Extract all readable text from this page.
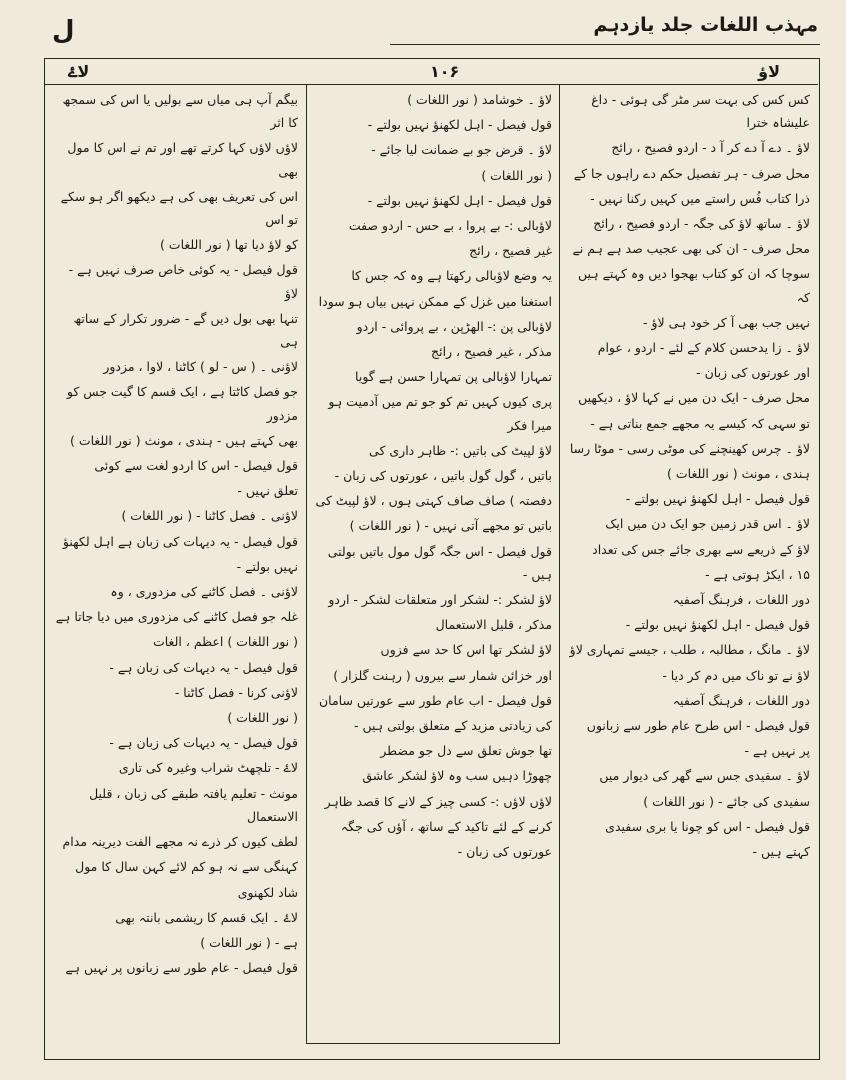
مہذب اللغات جلد یازدہم
ل
لاؤ
۱۰۶
لاۓ

کس کس کی بہت سر مٹر گی ہوئی - داغ علیشاہ خترا

لاؤ ۔ دے آ دے کر آ د - اردو فصیح ، رائج

محل صرف - ہر تفصیل حکم دے راہوں جا کے

ذرا کتاب فُس راستے میں کہیں رکنا نہیں -

لاؤ ۔ ساتھ لاؤ کی جگہ - اردو فصیح ، رائج

محل صرف - ان کی بھی عجیب صد ہے ہم نے

سوچا کہ ان کو کتاب بھجوا دیں وہ کہتے ہیں کہ

نہیں جب بھی آ کر خود ہی لاؤ -

لاؤ ۔ زا یدحسن کلام کے لئے - اردو ، عوام

اور عورتوں کی زبان -

محل صرف - ایک دن میں نے کہا لاؤ ، دیکھیں

تو سہی کہ کیسے یہ مجھے جمع بناتی ہے -

لاؤ ۔ چرس کھینچنے کی موٹی رسی - موٹا رسا

ہندی ، مونث ( نور اللغات )

قول فیصل - اہل لکھنؤ نہیں بولتے -

لاؤ ۔ اس قدر زمین جو ایک دن میں ایک

لاؤ کے ذریعے سے بھری جائے جس کی تعداد

۱۵ ، ایکڑ ہوتی ہے -

دور اللغات ، فرہنگ آصفیہ

قول فیصل - اہل لکھنؤ نہیں بولتے -

لاؤ ۔ مانگ ، مطالبہ ، طلب ، جیسے تمہاری لاؤ

لاؤ نے تو ناک میں دم کر دیا -

دور اللغات ، فرہنگ آصفیہ

قول فیصل - اس طرح عام طور سے زبانوں

پر نہیں ہے -

لاؤ ۔ سفیدی جس سے گھر کی دیوار میں

سفیدی کی جائے - ( نور اللغات )

قول فیصل - اس کو چونا یا بری سفیدی

کہتے ہیں -

لاؤ ۔ خوشامد ( نور اللغات )

قول فیصل - اہل لکھنؤ نہیں بولتے -

لاؤ ۔ قرض جو بے ضمانت لیا جائے -

( نور اللغات )

قول فیصل - اہل لکھنؤ نہیں بولتے -

لاؤبالی :- بے پروا ، بے حس - اردو صفت

غیر فصیح ، رائج

یہ وضع لاؤبالی رکھتا ہے وہ کہ جس کا

استغنا میں غزل کے ممکن نہیں بیاں ہو سودا

لاؤبالی پن :- الھڑپن ، بے پروائی - اردو

مذکر ، غیر فصیح ، رائج

تمہارا لاؤبالی پن تمہارا حسن ہے گویا

پری کیوں کہیں تم کو جو تم میں آدمیت ہو میرا فکر

لاؤ لپیٹ کی باتیں :- ظاہر داری کی

باتیں ، گول گول باتیں ، عورتوں کی زبان -

دفصتہ ) صاف صاف کہتی ہوں ، لاؤ لپیٹ کی

باتیں تو مجھے آتی نہیں - ( نور اللغات )

قول فیصل - اس جگہ گول مول باتیں بولتی ہیں -

لاؤ لشکر :- لشکر اور متعلقات لشکر - اردو

مذکر ، قلیل الاستعمال

لاؤ لشکر تھا اس کا حد سے فزوں

اور خزائن شمار سے بیروں ( رہنت گلزار )

قول فیصل - اب عام طور سے عورتیں سامان

کی زیادتی مزید کے متعلق بولتی ہیں -

تھا جوش تعلق سے دل جو مضطر

چھوڑا دہیں سب وہ لاؤ لشکر عاشق

لاؤں لاؤں :- کسی چیز کے لانے کا قصد ظاہر

کرنے کے لئے تاکید کے ساتھ ، آؤں کی جگہ

عورتوں کی زبان -

بیگم آپ ہی میاں سے بولیں یا اس کی سمجھ کا اثر

لاؤں لاؤں کہا کرتے تھے اور تم نے اس کا مول بھی

اس کی تعریف بھی کی ہے دیکھو اگر ہو سکے تو اس

کو لاؤ دیا تھا ( نور اللغات )

قول فیصل - یہ کوئی خاص صرف نہیں ہے - لاؤ

تنہا بھی بول دیں گے - ضرور تکرار کے ساتھ ہی

لاؤنی ۔ ( س - لو ) کاٹنا ، لاوا ، مزدور

جو فصل کاٹتا ہے ، ایک قسم کا گیت جس کو مزدور

بھی کہتے ہیں - ہندی ، مونث ( نور اللغات )

قول فیصل - اس کا اردو لغت سے کوئی

تعلق نہیں -

لاؤنی ۔ فصل کاٹنا - ( نور اللغات )

قول فیصل - یہ دیہات کی زبان ہے اہل لکھنؤ

نہیں بولتے -

لاؤنی ۔ فصل کاٹنے کی مزدوری ، وہ

غلہ جو فصل کاٹنے کی مزدوری میں دیا جاتا ہے

( نور اللغات ) اعظم ، الغات

قول فیصل - یہ دیہات کی زبان ہے -

لاؤنی کرنا - فصل کاٹنا -

( نور اللغات )

قول فیصل - یہ دیہات کی زبان ہے -

لاۓ - تلچھٹ شراب وغیرہ کی تاری

مونث - تعلیم یافتہ طبقے کی زبان ، قلیل الاستعمال

لطف کیوں کر ذرے نہ مجھے الفت دیرینہ مدام

کہنگی سے نہ ہو کم لائے کہن سال کا مول

شاد لکھنوی

لاۓ ۔ ایک قسم کا ریشمی بانتہ بھی

ہے - ( نور اللغات )

قول فیصل - عام طور سے زبانوں پر نہیں ہے
